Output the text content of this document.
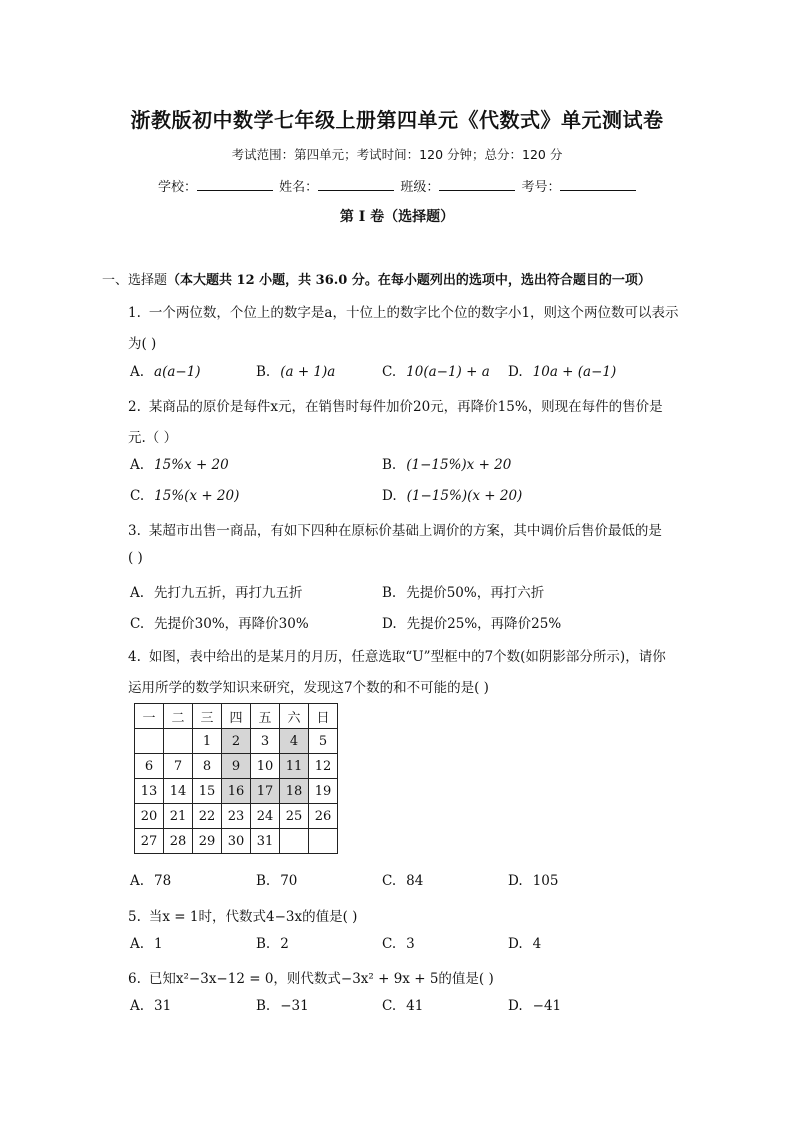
浙教版初中数学七年级上册第四单元《代数式》单元测试卷
考试范围：第四单元；考试时间：120 分钟；总分：120 分
学校：	姓名：	班级：	考号：
第 I 卷（选择题）
一、选择题（本大题共 12 小题，共 36.0 分。在每小题列出的选项中，选出符合题目的一项）
1. 一个两位数，个位上的数字是a，十位上的数字比个位的数字小1，则这个两位数可以表示
为( )
A. a(a−1)	B. (a + 1)a	C. 10(a−1) + a D. 10a + (a−1)
2. 某商品的原价是每件x元，在销售时每件加价20元，再降价15%，则现在每件的售价是
元.（ ）
A. 15%x + 20	B. (1−15%)x + 20
C. 15%(x + 20)	D. (1−15%)(x + 20)
3. 某超市出售一商品，有如下四种在原标价基础上调价的方案，其中调价后售价最低的是
( )
A. 先打九五折，再打九五折	B. 先提价50%，再打六折
C. 先提价30%，再降价30%	D. 先提价25%，再降价25%
4. 如图，表中给出的是某月的月历，任意选取“U”型框中的7个数(如阴影部分所示)，请你
运用所学的数学知识来研究，发现这7个数的和不可能的是( )
一	二	三	四	五	六	日
		1	2	3	4	5
6	7	8	9	10	11	12
13	14	15	16	17	18	19
20	21	22	23	24	25	26
27	28	29	30	31		
A. 78	B. 70	C. 84	D. 105
5. 当x = 1时，代数式4−3x的值是( )
A. 1	B. 2	C. 3	D. 4
6. 已知x²−3x−12 = 0，则代数式−3x² + 9x + 5的值是( )
A. 31	B. −31	C. 41	D. −41
